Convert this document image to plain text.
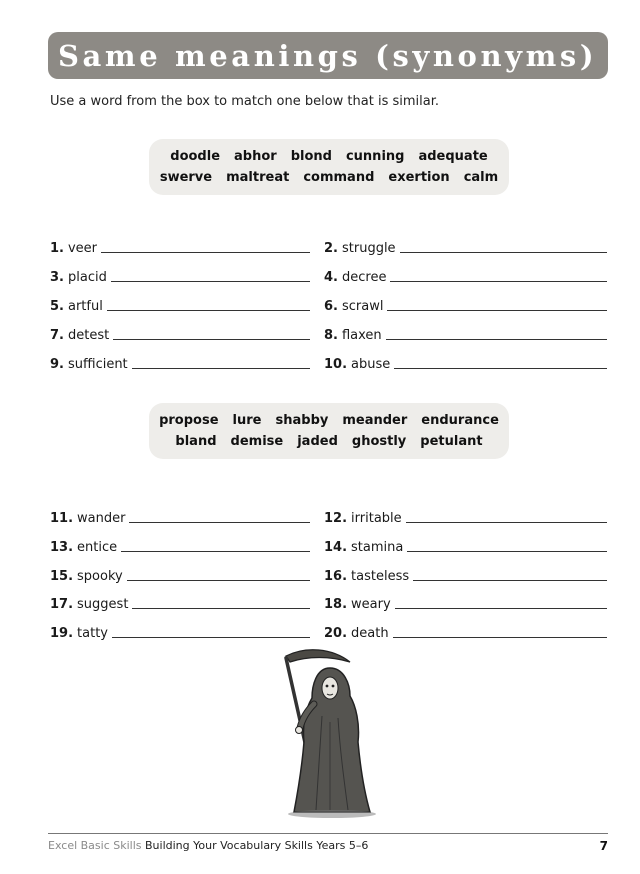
Same meanings (synonyms) 2
Use a word from the box to match one below that is similar.
doodle abhor blond cunning adequate
swerve maltreat command exertion calm
1. veer	2. struggle
3. placid	4. decree
5. artful	6. scrawl
7. detest	8. flaxen
9. sufficient	10. abuse
propose lure shabby meander endurance
bland demise jaded ghostly petulant
11. wander	12. irritable
13. entice	14. stamina
15. spooky	16. tasteless
17. suggest	18. weary
19. tatty	20. death
Excel Basic Skills Building Your Vocabulary Skills Years 5–6	7
